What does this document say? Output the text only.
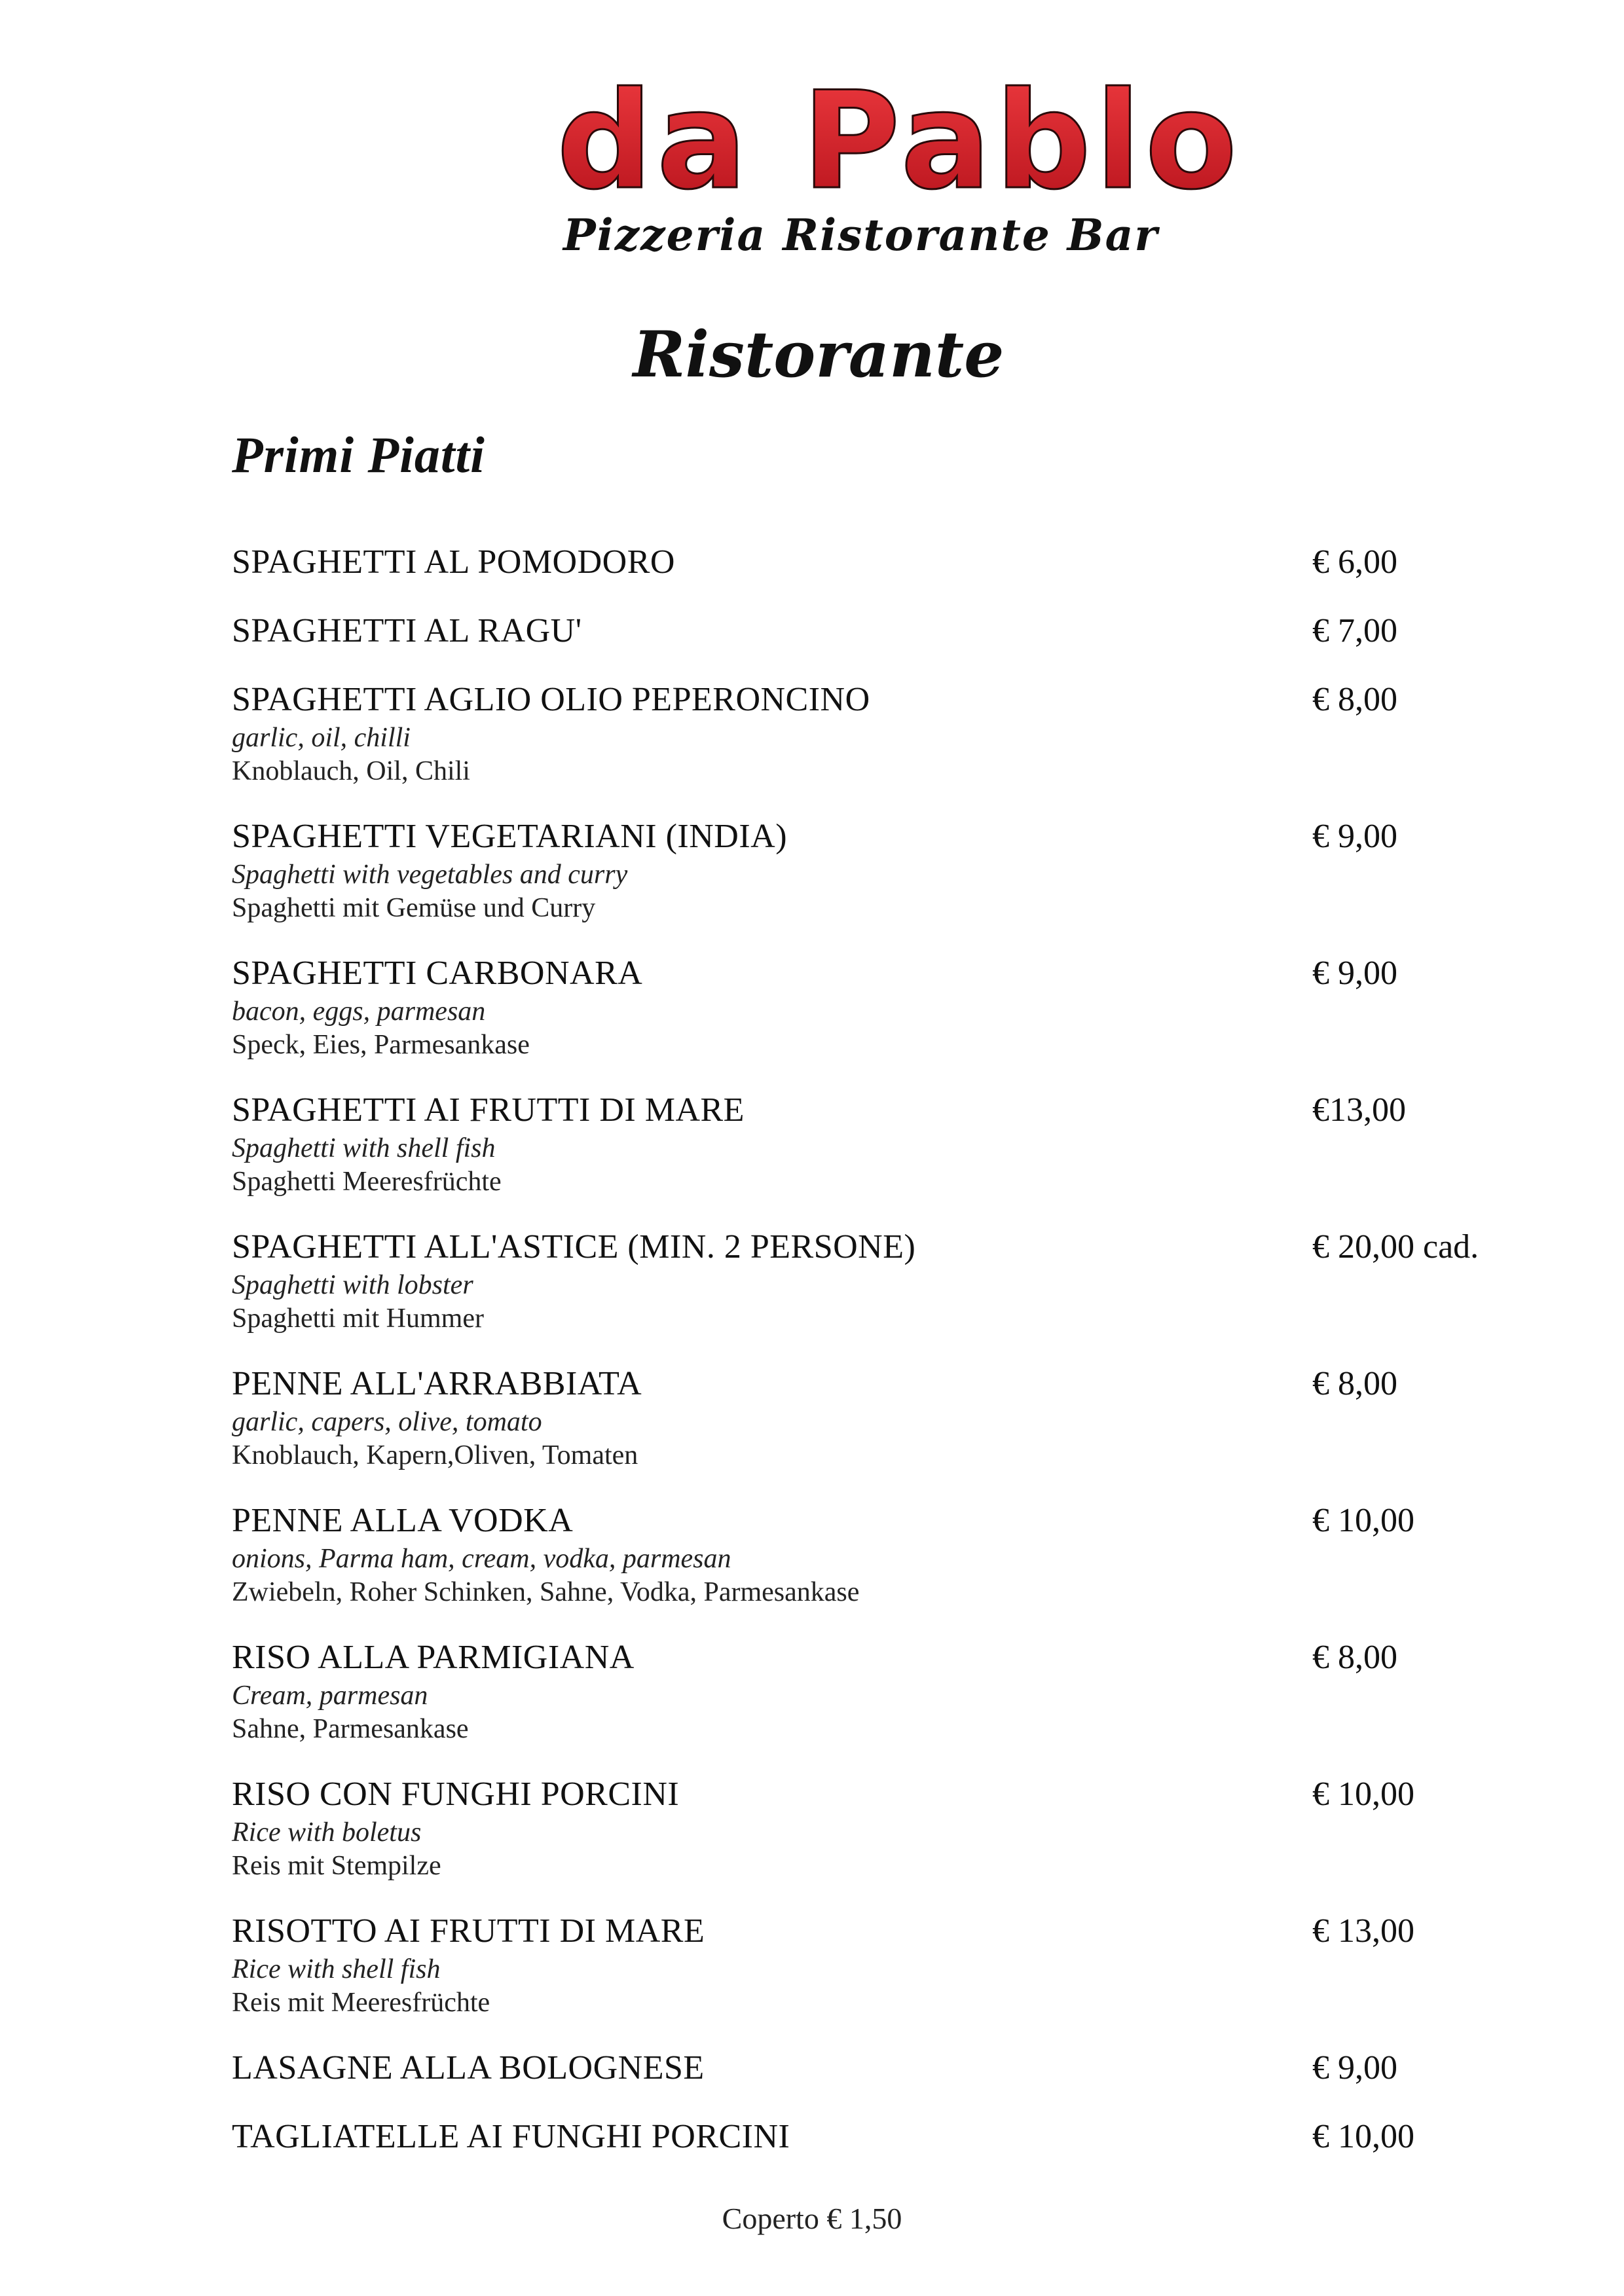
da Pablo
Pizzeria Ristorante Bar
Ristorante
Primi Piatti
SPAGHETTI AL POMODORO	€ 6,00
SPAGHETTI AL RAGU'	€ 7,00
SPAGHETTI AGLIO OLIO PEPERONCINO	€ 8,00
garlic, oil, chilli
Knoblauch, Oil, Chili
SPAGHETTI VEGETARIANI (INDIA)	€ 9,00
Spaghetti with vegetables and curry
Spaghetti mit Gemüse und Curry
SPAGHETTI CARBONARA	€ 9,00
bacon, eggs, parmesan
Speck, Eies, Parmesankase
SPAGHETTI AI FRUTTI DI MARE	€13,00
Spaghetti with shell fish
Spaghetti Meeresfrüchte
SPAGHETTI ALL'ASTICE (MIN. 2 PERSONE)	€ 20,00 cad.
Spaghetti with lobster
Spaghetti mit Hummer
PENNE ALL'ARRABBIATA	€ 8,00
garlic, capers, olive, tomato
Knoblauch, Kapern,Oliven, Tomaten
PENNE ALLA VODKA	€ 10,00
onions, Parma ham, cream, vodka, parmesan
Zwiebeln, Roher Schinken, Sahne, Vodka, Parmesankase
RISO ALLA PARMIGIANA	€ 8,00
Cream, parmesan
Sahne, Parmesankase
RISO CON FUNGHI PORCINI	€ 10,00
Rice with boletus
Reis mit Stempilze
RISOTTO AI FRUTTI DI MARE	€ 13,00
Rice with shell fish
Reis mit Meeresfrüchte
LASAGNE ALLA BOLOGNESE	€ 9,00
TAGLIATELLE AI FUNGHI PORCINI	€ 10,00
Coperto € 1,50
